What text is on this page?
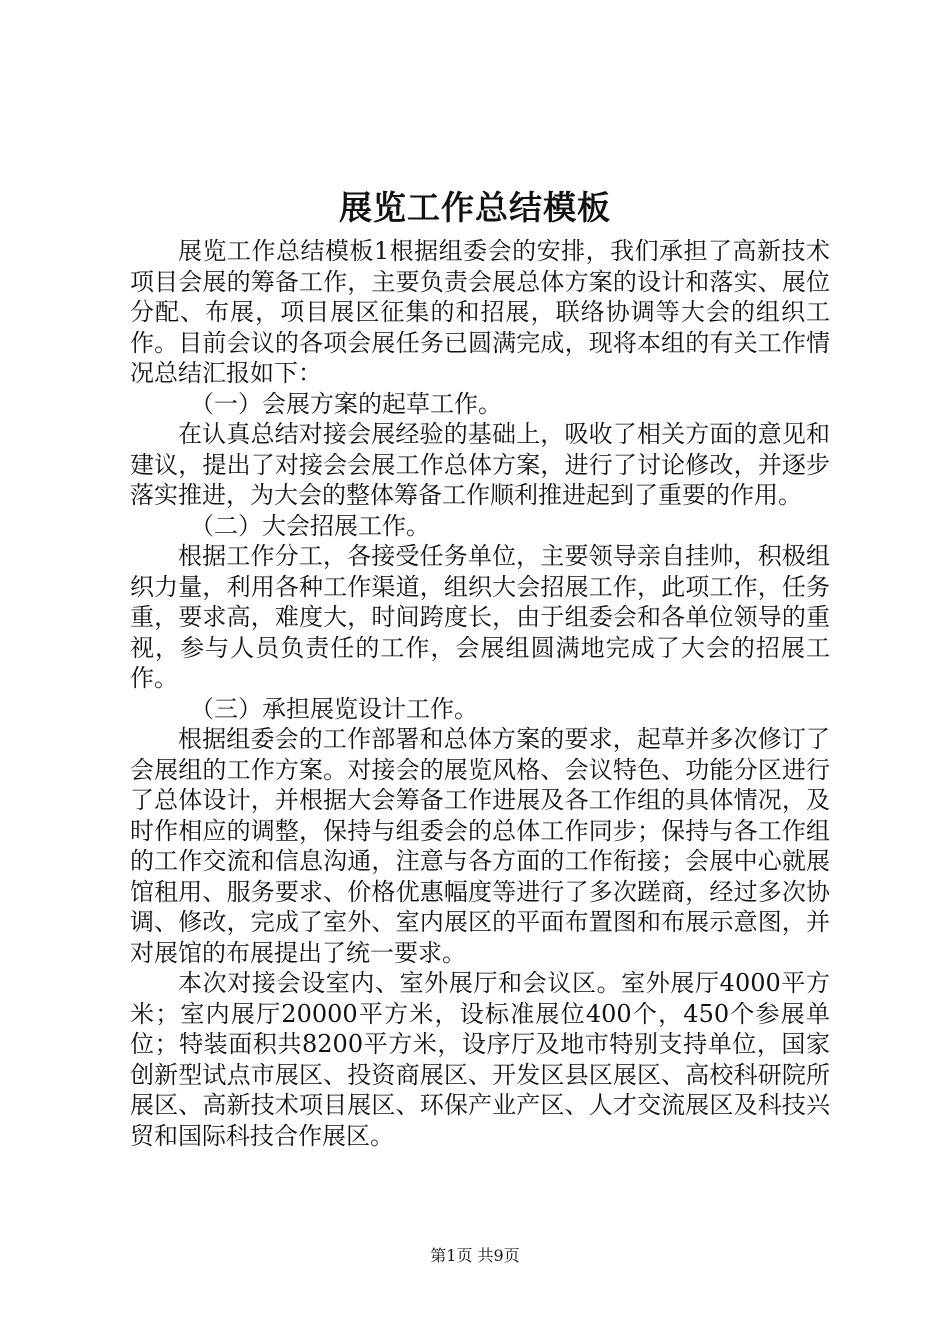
展览工作总结模板

展览工作总结模板1根据组委会的安排，我们承担了高新技术项目会展的筹备工作，主要负责会展总体方案的设计和落实、展位分配、布展，项目展区征集的和招展，联络协调等大会的组织工作。目前会议的各项会展任务已圆满完成，现将本组的有关工作情况总结汇报如下：

（一）会展方案的起草工作。

在认真总结对接会展经验的基础上，吸收了相关方面的意见和建议，提出了对接会会展工作总体方案，进行了讨论修改，并逐步落实推进，为大会的整体筹备工作顺利推进起到了重要的作用。

（二）大会招展工作。

根据工作分工，各接受任务单位，主要领导亲自挂帅，积极组织力量，利用各种工作渠道，组织大会招展工作，此项工作，任务重，要求高，难度大，时间跨度长，由于组委会和各单位领导的重视，参与人员负责任的工作，会展组圆满地完成了大会的招展工作。

（三）承担展览设计工作。

根据组委会的工作部署和总体方案的要求，起草并多次修订了会展组的工作方案。对接会的展览风格、会议特色、功能分区进行了总体设计，并根据大会筹备工作进展及各工作组的具体情况，及时作相应的调整，保持与组委会的总体工作同步；保持与各工作组的工作交流和信息沟通，注意与各方面的工作衔接；会展中心就展馆租用、服务要求、价格优惠幅度等进行了多次蹉商，经过多次协调、修改，完成了室外、室内展区的平面布置图和布展示意图，并对展馆的布展提出了统一要求。

本次对接会设室内、室外展厅和会议区。室外展厅4000平方米；室内展厅20000平方米，设标准展位400个，450个参展单位；特装面积共8200平方米，设序厅及地市特别支持单位，国家创新型试点市展区、投资商展区、开发区县区展区、高校科研院所展区、高新技术项目展区、环保产业产区、人才交流展区及科技兴贸和国际科技合作展区。

第1页 共9页
